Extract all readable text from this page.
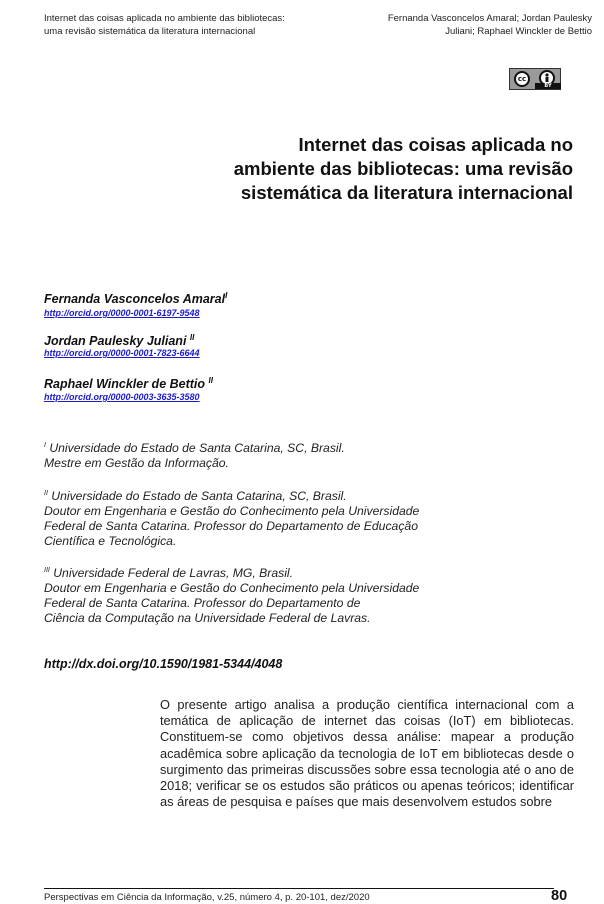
Internet das coisas aplicada no ambiente das bibliotecas:
uma revisão sistemática da literatura internacional
Fernanda Vasconcelos Amaral; Jordan Paulesky
Juliani; Raphael Winckler de Bettio
cc
BY
Internet das coisas aplicada no
ambiente das bibliotecas: uma revisão
sistemática da literatura internacional
Fernanda Vasconcelos Amaral$^I$
http://orcid.org/0000-0001-6197-9548
Jordan Paulesky Juliani $^{II}$
http://orcid.org/0000-0001-7823-6644
Raphael Winckler de Bettio $^{II}$
http://orcid.org/0000-0003-3635-3580
$^I$ Universidade do Estado de Santa Catarina, SC, Brasil.
Mestre em Gestão da Informação.
$^{II}$ Universidade do Estado de Santa Catarina, SC, Brasil.
Doutor em Engenharia e Gestão do Conhecimento pela Universidade
Federal de Santa Catarina. Professor do Departamento de Educação
Científica e Tecnológica.
$^{III}$ Universidade Federal de Lavras, MG, Brasil.
Doutor em Engenharia e Gestão do Conhecimento pela Universidade
Federal de Santa Catarina. Professor do Departamento de
Ciência da Computação na Universidade Federal de Lavras.
http://dx.doi.org/10.1590/1981-5344/4048

O presente artigo analisa a produção científica internacional com a temática de aplicação de internet das coisas (IoT) em bibliotecas. Constituem-se como objetivos dessa análise: mapear a produção acadêmica sobre aplicação da tecnologia de IoT em bibliotecas desde o surgimento das primeiras discussões sobre essa tecnologia até o ano de 2018; verificar se os estudos são práticos ou apenas teóricos; identificar as áreas de pesquisa e países que mais desenvolvem estudos sobre

Perspectivas em Ciência da Informação, v.25, número 4, p. 20-101, dez/2020	80
